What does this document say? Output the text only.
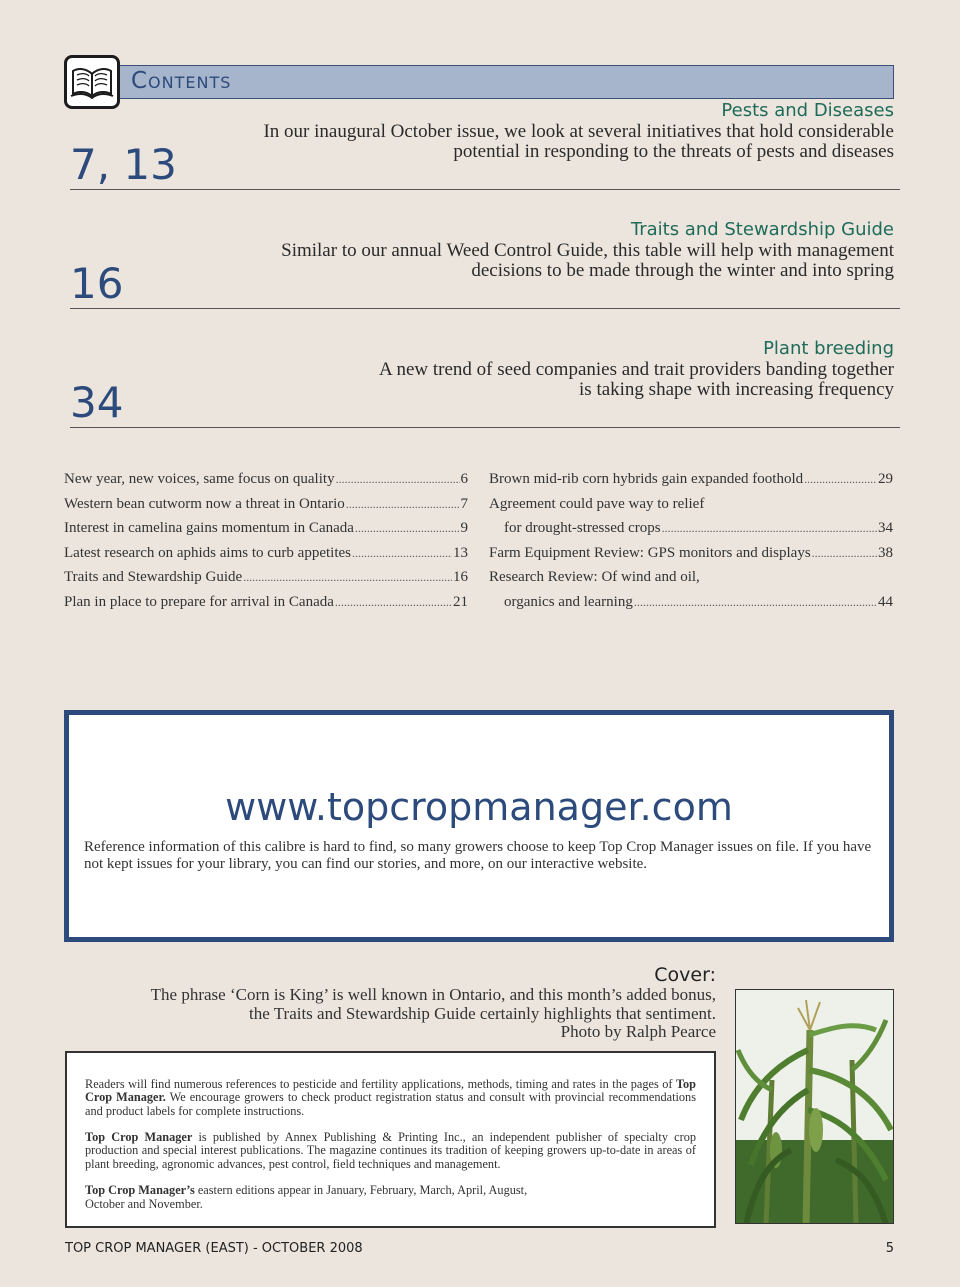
Contents
7, 13
Pests and Diseases
In our inaugural October issue, we look at several initiatives that hold considerable
potential in responding to the threats of pests and diseases
16
Traits and Stewardship Guide
Similar to our annual Weed Control Guide, this table will help with management
decisions to be made through the winter and into spring
34
Plant breeding
A new trend of seed companies and trait providers banding together
is taking shape with increasing frequency
New year, new voices, same focus on quality .....	6
Western bean cutworm now a threat in Ontario .....	7
Interest in camelina gains momentum in Canada .....	9
Latest research on aphids aims to curb appetites .....	13
Traits and Stewardship Guide .....	16
Plan in place to prepare for arrival in Canada .....	21
Brown mid-rib corn hybrids gain expanded foothold .....	29
Agreement could pave way to relief
for drought-stressed crops .....	34
Farm Equipment Review: GPS monitors and displays .....	38
Research Review: Of wind and oil,
organics and learning .....	44
www.topcropmanager.com
Reference information of this calibre is hard to find, so many growers choose to keep Top Crop Manager issues on file. If you have not kept issues for your library, you can find our stories, and more, on our interactive website.
Cover:
The phrase ‘Corn is King’ is well known in Ontario, and this month’s added bonus,
the Traits and Stewardship Guide certainly highlights that sentiment.
Photo by Ralph Pearce

Readers will find numerous references to pesticide and fertility applications, methods, timing and rates in the pages of Top Crop Manager. We encourage growers to check product registration status and consult with provincial recommendations and product labels for complete instructions.

Top Crop Manager is published by Annex Publishing & Printing Inc., an independent publisher of specialty crop production and special interest publications. The magazine continues its tradition of keeping growers up-to-date in areas of plant breeding, agronomic advances, pest control, field techniques and management.

Top Crop Manager’s eastern editions appear in January, February, March, April, August,
October and November.

TOP CROP MANAGER (EAST) - OCTOBER 2008	5
